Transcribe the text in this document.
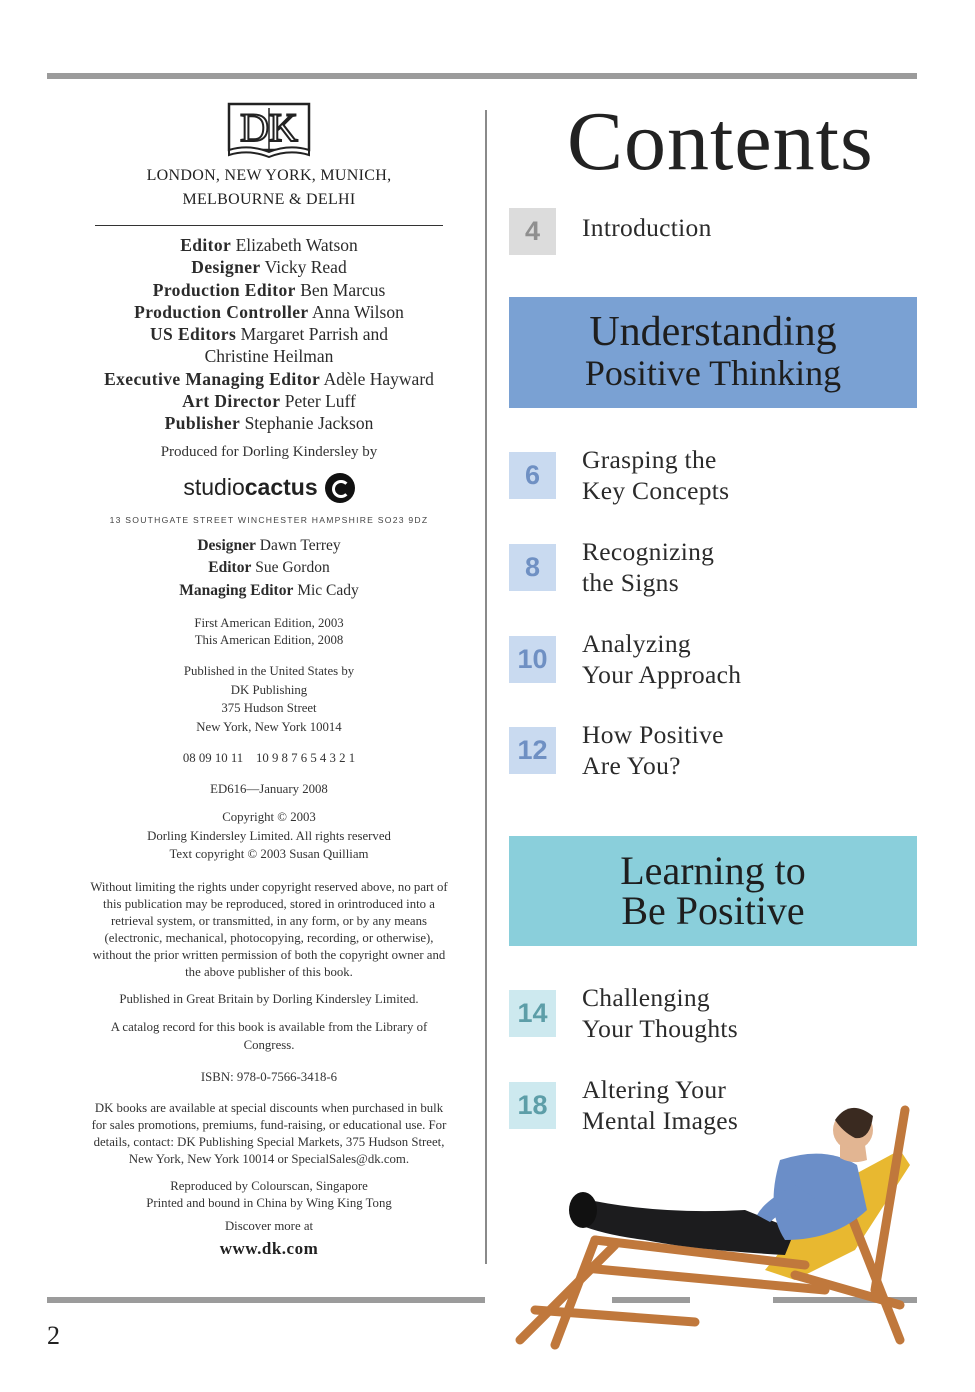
2
DK
LONDON, NEW YORK, MUNICH,
MELBOURNE & DELHI
Editor Elizabeth Watson
Designer Vicky Read
Production Editor Ben Marcus
Production Controller Anna Wilson
US Editors Margaret Parrish and
Christine Heilman
Executive Managing Editor Adèle Hayward
Art Director Peter Luff
Publisher Stephanie Jackson
Produced for Dorling Kindersley by
studio cactus
13 SOUTHGATE STREET WINCHESTER HAMPSHIRE SO23 9DZ
Designer Dawn Terrey
Editor Sue Gordon
Managing Editor Mic Cady
First American Edition, 2003
This American Edition, 2008
Published in the United States by
DK Publishing
375 Hudson Street
New York, New York 10014
08 09 10 11    10 9 8 7 6 5 4 3 2 1
ED616—January 2008
Copyright © 2003
Dorling Kindersley Limited. All rights reserved
Text copyright © 2003 Susan Quilliam
Without limiting the rights under copyright reserved above, no part of this publication may be reproduced, stored in orintroduced into a retrieval system, or transmitted, in any form, or by any means (electronic, mechanical, photocopying, recording, or otherwise), without the prior written permission of both the copyright owner and the above publisher of this book.
Published in Great Britain by Dorling Kindersley Limited.
A catalog record for this book is available from the Library of Congress.
ISBN: 978-0-7566-3418-6
DK books are available at special discounts when purchased in bulk for sales promotions, premiums, fund-raising, or educational use. For details, contact: DK Publishing Special Markets, 375 Hudson Street, New York, New York 10014 or SpecialSales@dk.com.
Reproduced by Colourscan, Singapore
Printed and bound in China by Wing King Tong
Discover more at
www.dk.com
Contents
4	Introduction
Understanding
Positive Thinking
6
Grasping the
Key Concepts
8
Recognizing
the Signs
10
Analyzing
Your Approach
12
How Positive
Are You?
Learning to
Be Positive
14
Challenging
Your Thoughts
18
Altering Your
Mental Images
